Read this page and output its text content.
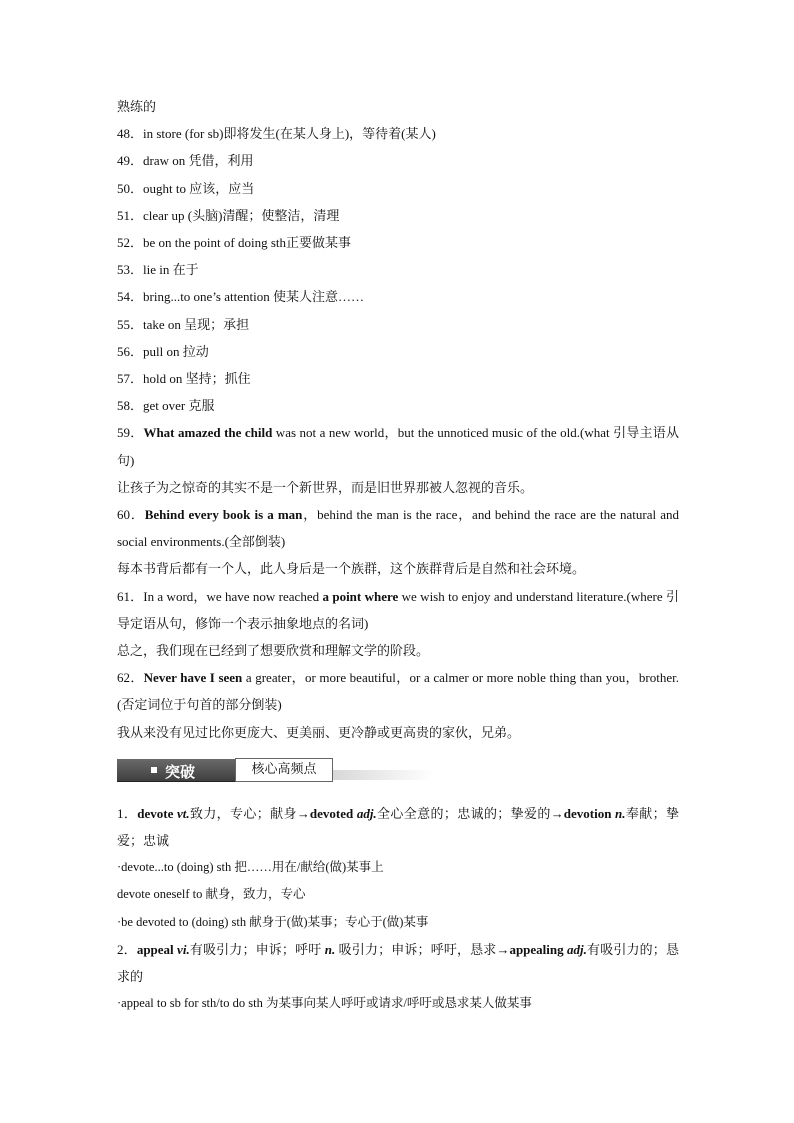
熟练的
48．in store (for sb)即将发生(在某人身上)，等待着(某人)
49．draw on 凭借，利用
50．ought to 应该，应当
51．clear up (头脑)清醒；使整洁，清理
52．be on the point of doing sth正要做某事
53．lie in 在于
54．bring...to one’s attention 使某人注意……
55．take on 呈现；承担
56．pull on 拉动
57．hold on 坚持；抓住
58．get over 克服
59．What amazed the child was not a new world，but the unnoticed music of the old.(what 引导主语从句)
让孩子为之惊奇的其实不是一个新世界，而是旧世界那被人忽视的音乐。
60．Behind every book is a man，behind the man is the race，and behind the race are the natural and social environments.(全部倒装)
每本书背后都有一个人，此人身后是一个族群，这个族群背后是自然和社会环境。
61．In a word，we have now reached a point where we wish to enjoy and understand literature.(where 引导定语从句，修饰一个表示抽象地点的名词)
总之，我们现在已经到了想要欣赏和理解文学的阶段。
62．Never have I seen a greater，or more beautiful，or a calmer or more noble thing than you，brother.(否定词位于句首的部分倒装)
我从来没有见过比你更庞大、更美丽、更冷静或更高贵的家伙，兄弟。
突破	核心高频点
1．devote vt.致力，专心；献身→devoted adj.全心全意的；忠诚的；挚爱的→devotion n.奉献；挚爱；忠诚
·devote...to (doing) sth 把……用在/献给(做)某事上
devote oneself to 献身，致力，专心
·be devoted to (doing) sth 献身于(做)某事；专心于(做)某事
2．appeal vi.有吸引力；申诉；呼吁 n. 吸引力；申诉；呼吁，恳求→appealing adj.有吸引力的；恳求的
·appeal to sb for sth/to do sth 为某事向某人呼吁或请求/呼吁或恳求某人做某事
